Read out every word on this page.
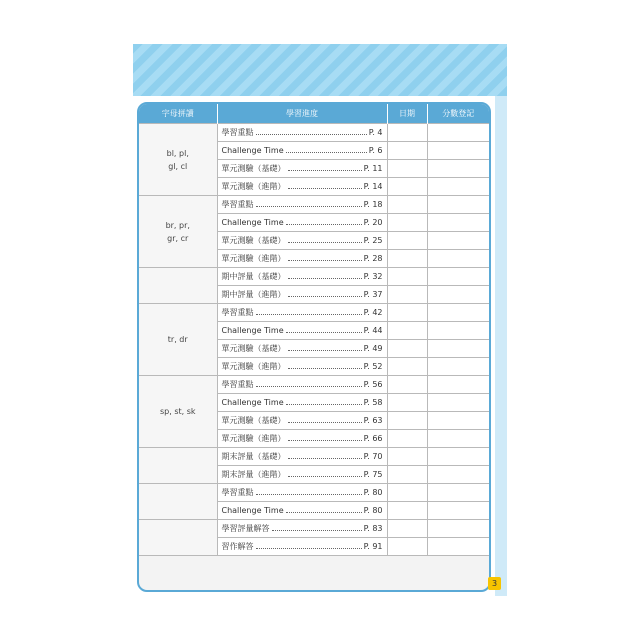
字母拼讀	學習進度	日期	分數登記
bl, pl,
gl, cl	學習重點 P. 4		

	Challenge Time P. 6		

	單元測驗（基礎） P. 11		

	單元測驗（進階） P. 14		

br, pr,
gr, cr	學習重點 P. 18		

	Challenge Time P. 20		

	單元測驗（基礎） P. 25		

	單元測驗（進階） P. 28		

	期中評量（基礎） P. 32		

	期中評量（進階） P. 37		

tr, dr	學習重點 P. 42		

	Challenge Time P. 44		

	單元測驗（基礎） P. 49		

	單元測驗（進階） P. 52		

sp, st, sk	學習重點 P. 56		

	Challenge Time P. 58		

	單元測驗（基礎） P. 63		

	單元測驗（進階） P. 66		

	期末評量（基礎） P. 70		

	期末評量（進階） P. 75		

	學習重點 P. 80		

	Challenge Time P. 80		

	學習評量解答 P. 83		

	習作解答 P. 91		

3
